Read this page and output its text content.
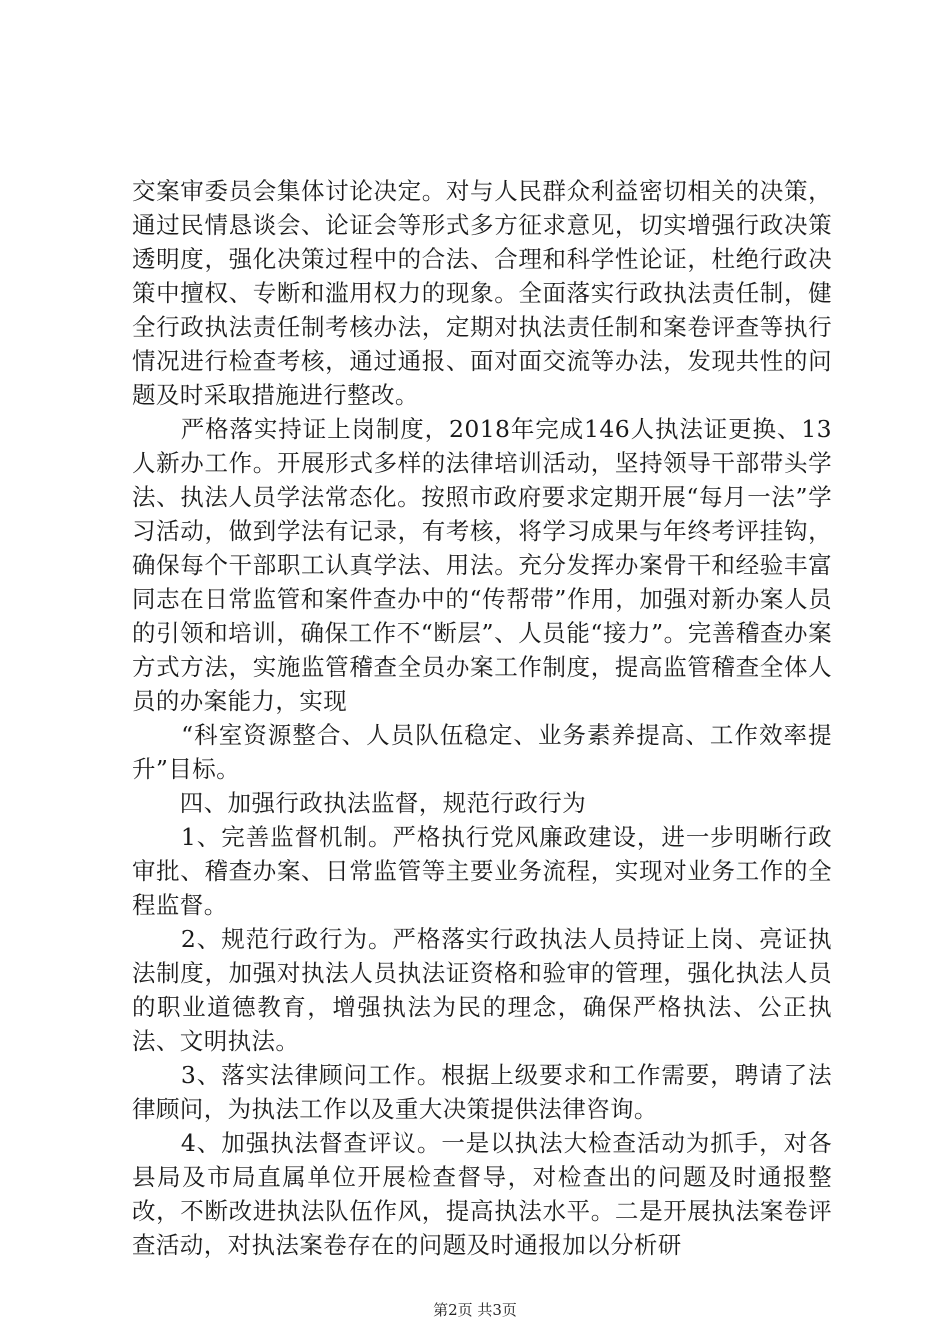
交案审委员会集体讨论决定。对与人民群众利益密切相关的决策，通过民情恳谈会、论证会等形式多方征求意见，切实增强行政决策透明度，强化决策过程中的合法、合理和科学性论证，杜绝行政决策中擅权、专断和滥用权力的现象。全面落实行政执法责任制，健全行政执法责任制考核办法，定期对执法责任制和案卷评查等执行情况进行检查考核，通过通报、面对面交流等办法，发现共性的问题及时采取措施进行整改。

　　严格落实持证上岗制度，2018年完成146人执法证更换、13人新办工作。开展形式多样的法律培训活动，坚持领导干部带头学法、执法人员学法常态化。按照市政府要求定期开展“每月一法”学习活动，做到学法有记录，有考核，将学习成果与年终考评挂钩，确保每个干部职工认真学法、用法。充分发挥办案骨干和经验丰富同志在日常监管和案件查办中的“传帮带”作用，加强对新办案人员的引领和培训，确保工作不“断层”、人员能“接力”。完善稽查办案方式方法，实施监管稽查全员办案工作制度，提高监管稽查全体人员的办案能力，实现

　　“科室资源整合、人员队伍稳定、业务素养提高、工作效率提升”目标。

　　四、加强行政执法监督，规范行政行为

　　1、完善监督机制。严格执行党风廉政建设，进一步明晰行政审批、稽查办案、日常监管等主要业务流程，实现对业务工作的全程监督。

　　2、规范行政行为。严格落实行政执法人员持证上岗、亮证执法制度，加强对执法人员执法证资格和验审的管理，强化执法人员的职业道德教育，增强执法为民的理念，确保严格执法、公正执法、文明执法。

　　3、落实法律顾问工作。根据上级要求和工作需要，聘请了法律顾问，为执法工作以及重大决策提供法律咨询。

　　4、加强执法督查评议。一是以执法大检查活动为抓手，对各县局及市局直属单位开展检查督导，对检查出的问题及时通报整改，不断改进执法队伍作风，提高执法水平。二是开展执法案卷评查活动，对执法案卷存在的问题及时通报加以分析研

第2页 共3页
